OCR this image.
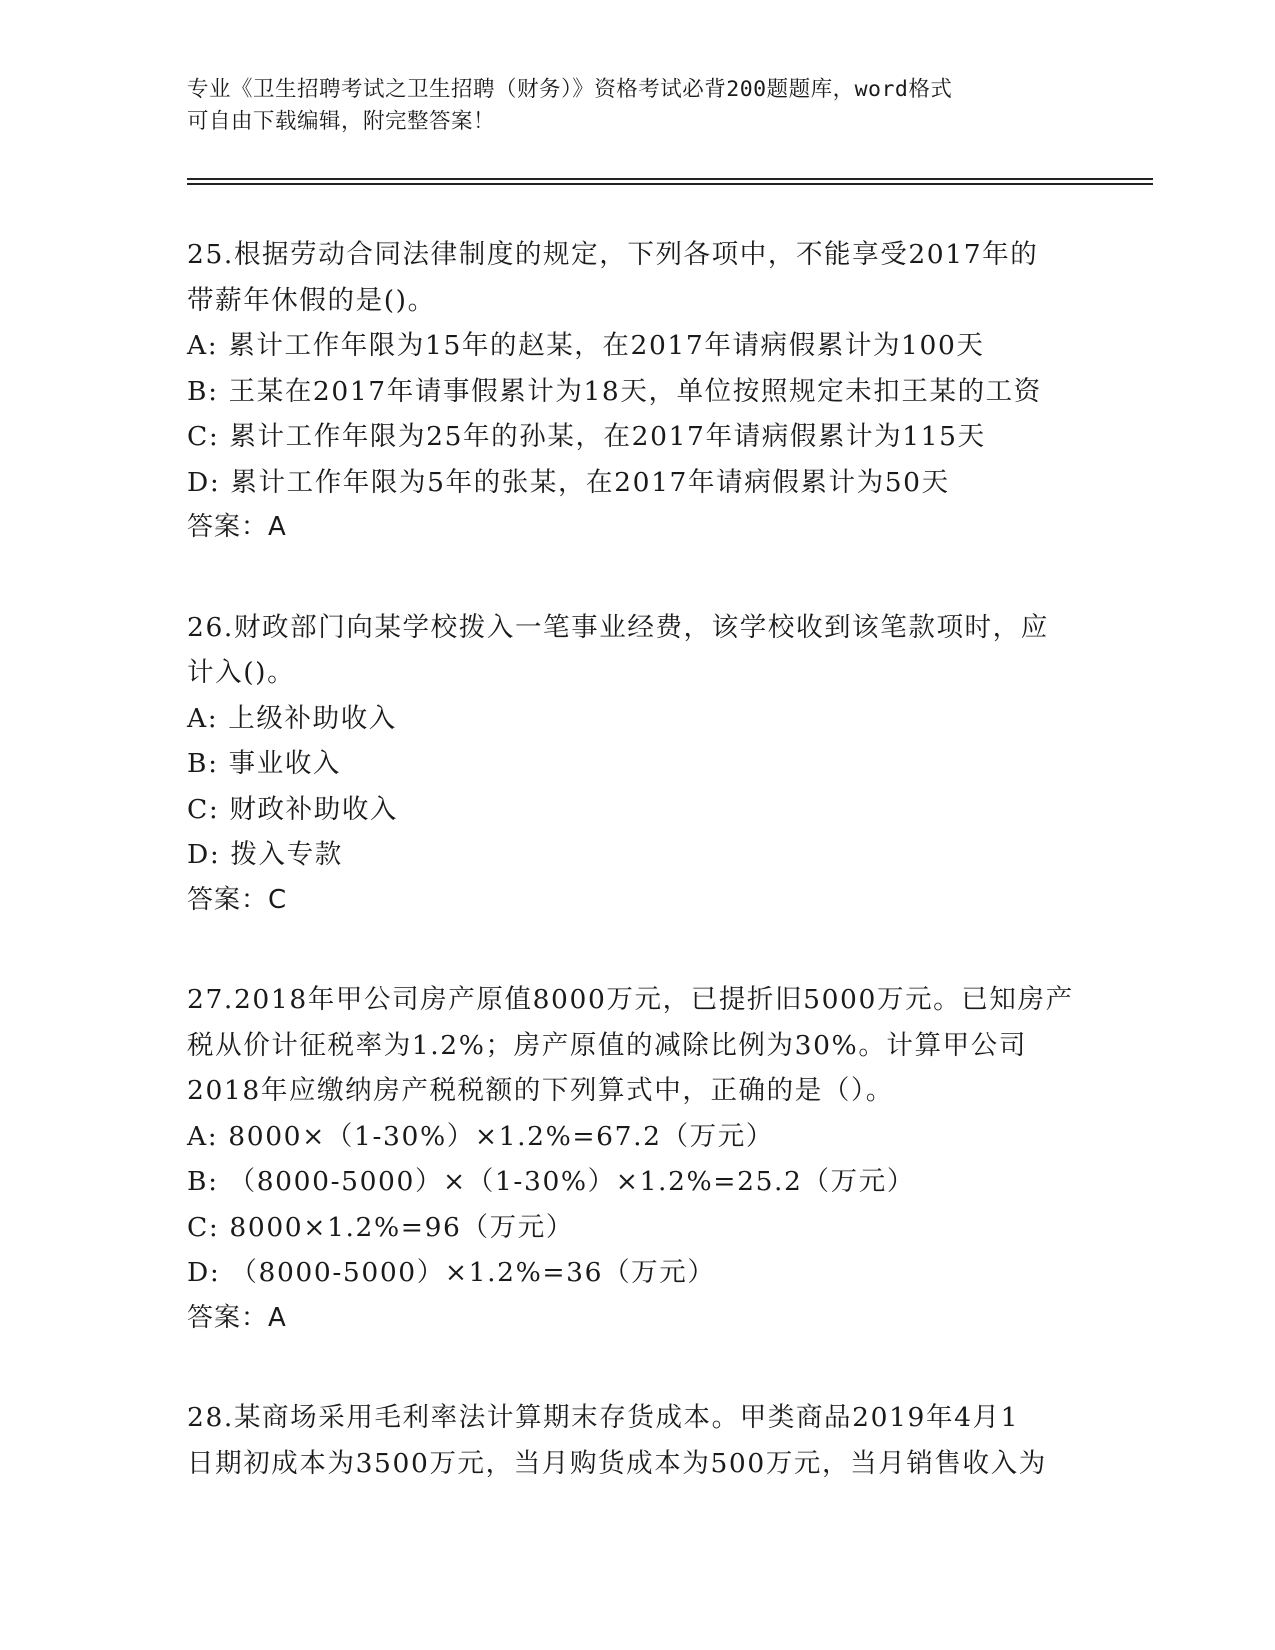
专业《卫生招聘考试之卫生招聘（财务）》资格考试必背200题题库，word格式
可自由下载编辑，附完整答案！
25.根据劳动合同法律制度的规定，下列各项中，不能享受2017年的
带薪年休假的是()。
A: 累计工作年限为15年的赵某，在2017年请病假累计为100天
B: 王某在2017年请事假累计为18天，单位按照规定未扣王某的工资
C: 累计工作年限为25年的孙某，在2017年请病假累计为115天
D: 累计工作年限为5年的张某，在2017年请病假累计为50天
答案：A
26.财政部门向某学校拨入一笔事业经费，该学校收到该笔款项时，应
计入()。
A: 上级补助收入
B: 事业收入
C: 财政补助收入
D: 拨入专款
答案：C
27.2018年甲公司房产原值8000万元，已提折旧5000万元。已知房产
税从价计征税率为1.2%；房产原值的减除比例为30%。计算甲公司
2018年应缴纳房产税税额的下列算式中，正确的是（）。
A: 8000×（1-30%）×1.2%=67.2（万元）
B: （8000-5000）×（1-30%）×1.2%=25.2（万元）
C: 8000×1.2%=96（万元）
D: （8000-5000）×1.2%=36（万元）
答案：A
28.某商场采用毛利率法计算期末存货成本。甲类商品2019年4月1
日期初成本为3500万元，当月购货成本为500万元，当月销售收入为
